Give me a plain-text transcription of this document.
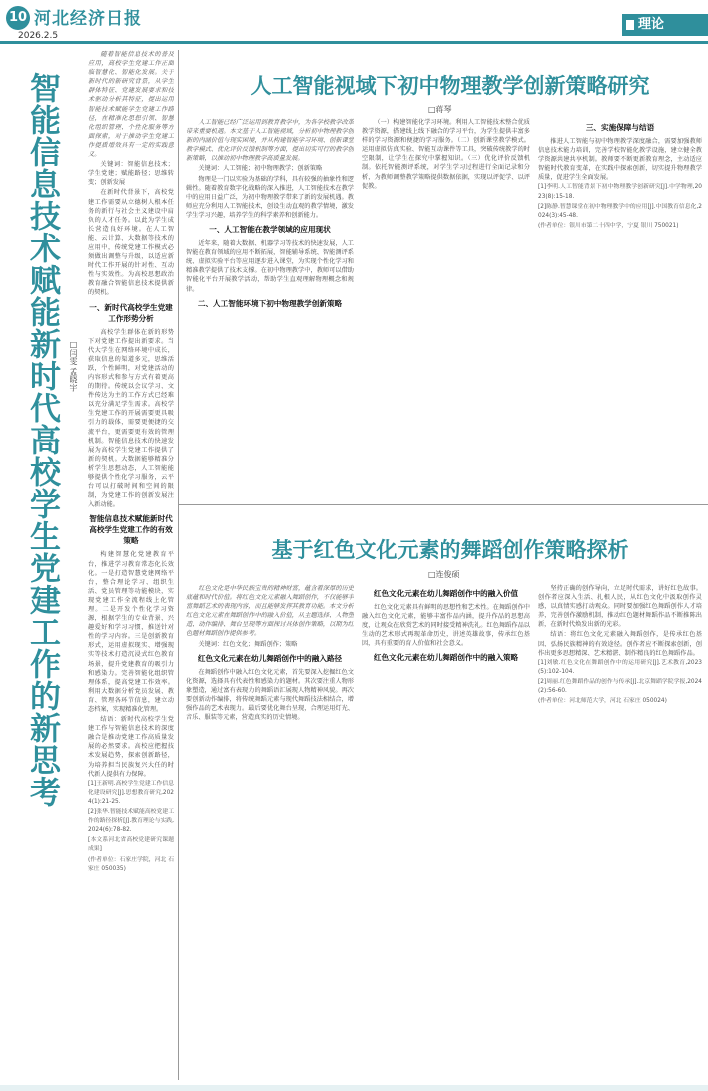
10 河北经济日报
2026.2.5
理论
智能信息技术赋能新时代高校学生党建工作的新思考 □闫雯 孟晓宇

随着智能信息技术的普及应用，高校学生党建工作正面临智慧化、智能化发展。关于新时代的新研究背景，从学生群体特征、党建发展要求和技术驱动分析其特征，提出运用智能技术赋能学生党建工作路径，在精准化思想引领、智慧化组织管理、个性化服务等方面探索，对于推动学生党建工作提质增效具有一定的实践意义。

关键词：智能信息技术；学生党建；赋能路径；思维转变；创新发展

在新时代背景下，高校党建工作需要从立德树人根本任务的新行与社会主义建设中肩负的人才任务。以此为学生成长营造良好环境。在人工智能、云计算、大数据等技术的应用中，传统党建工作模式必须做出调整与升级，以适应新时代工作开展的针对性、互动性与实效性。为高校思想政治教育融合智能信息技术提供新的契机。

一、新时代高校学生党建工作形势分析

高校学生群体在新的形势下对党建工作提出新要求。当代大学生在网络环境中成长，获取信息的渠道多元，思维活跃，个性鲜明，对党建活动的内容形式和参与方式有着更高的期待。传统以会议学习、文件传达为主的工作方式已经难以充分满足学生需求。高校学生党建工作的开展需要更具吸引力的载体，需要更便捷的交流平台，更需要更有效的管理机制。智能信息技术的快速发展为高校学生党建工作提供了新的契机。大数据能够精准分析学生思想动态，人工智能能够提供个性化学习服务，云平台可以打破时间和空间的限制，为党建工作的创新发展注入新动能。

智能信息技术赋能新时代高校学生党建工作的有效策略

构建智慧化党建教育平台，推进学习教育常态化长效化。一是打造智慧党建网络平台，整合理论学习、组织生活、党员管理等功能模块，实现党建工作全流程线上化管理。二是开发个性化学习资源，根据学生的专业背景、兴趣爱好和学习习惯，推送针对性的学习内容。三是创新教育形式，运用虚拟现实、增强现实等技术打造沉浸式红色教育场景，提升党建教育的吸引力和感染力。完善智能化组织管理体系，提高党建工作效率。利用大数据分析党员发展、教育、管理各环节信息，建立动态档案，实现精准化管理。

结语：新时代高校学生党建工作与智能信息技术的深度融合是推动党建工作高质量发展的必然要求。高校应把握技术发展趋势，探索创新路径，为培养担当民族复兴大任的时代新人提供有力保障。

[1]王新明.高校学生党建工作信息化建设研究[J].思想教育研究,2024(1):21-25.

[2]张华.智能技术赋能高校党建工作的路径探析[J].教育理论与实践,2024(6):78-82.

[本文系河北省高校党建研究课题成果]

(作者单位：石家庄学院，河北 石家庄 050035)

人工智能视域下初中物理教学创新策略研究
□蒋琴

人工智能已经广泛运用到教育教学中，为各学校教学改革带来重要机遇。本文基于人工智能视域，分析初中物理教学创新的内涵价值与现实困境，并从构建智能学习环境、创新课堂教学模式、优化评价反馈机制等方面，提出切实可行的教学创新策略，以推动初中物理教学高质量发展。

关键词：人工智能；初中物理教学；创新策略

物理是一门以实验为基础的学科，具有较强的抽象性和逻辑性。随着教育数字化战略的深入推进，人工智能技术在教学中的应用日益广泛，为初中物理教学带来了新的发展机遇。教师应充分利用人工智能技术，创设生动直观的教学情境，激发学生学习兴趣，培养学生的科学素养和创新能力。

一、人工智能在教学领域的应用现状

近年来，随着大数据、机器学习等技术的快速发展，人工智能在教育领域的应用不断拓展，智能辅导系统、智能测评系统、虚拟实验平台等应用逐步进入课堂，为实现个性化学习和精准教学提供了技术支撑。在初中物理教学中，教师可以借助智能化平台开展教学活动，帮助学生直观理解物理概念和规律。

二、人工智能环境下初中物理教学创新策略

（一）构建智能化学习环境。利用人工智能技术整合优质教学资源，搭建线上线下融合的学习平台，为学生提供丰富多样的学习资源和便捷的学习服务。（二）创新课堂教学模式。运用虚拟仿真实验、智能互动课件等工具，突破传统教学的时空限制，让学生在探究中掌握知识。（三）优化评价反馈机制。依托智能测评系统，对学生学习过程进行全面记录和分析，为教师调整教学策略提供数据依据，实现以评促学、以评促教。

三、实施保障与结语

推进人工智能与初中物理教学深度融合，需要加强教师信息技术能力培训，完善学校智能化教学设施，建立健全教学资源共建共享机制。教师要不断更新教育理念，主动适应智能时代教育变革，在实践中探索创新，切实提升物理教学质量，促进学生全面发展。

[1]李明.人工智能背景下初中物理教学创新研究[J].中学物理,2023(8):15-18.

[2]陈静.智慧课堂在初中物理教学中的应用[J].中国教育信息化,2024(3):45-48.

(作者单位：银川市第二十四中学，宁夏 银川 750021)

基于红色文化元素的舞蹈创作策略探析
□连俊硕

红色文化是中华民族宝贵的精神财富，蕴含着深厚的历史底蕴和时代价值。将红色文化元素融入舞蹈创作，不仅能够丰富舞蹈艺术的表现内容，而且能够发挥其教育功能。本文分析红色文化元素在舞蹈创作中的融入价值，从主题选择、人物塑造、动作编排、舞台呈现等方面探讨具体创作策略，以期为红色题材舞蹈创作提供参考。

关键词：红色文化；舞蹈创作；策略

红色文化元素在幼儿舞蹈创作中的融入路径

在舞蹈创作中融入红色文化元素，首先要深入挖掘红色文化资源，选择具有代表性和感染力的题材。其次要注重人物形象塑造，通过富有表现力的舞蹈语汇展现人物精神风貌。再次要创新动作编排，将传统舞蹈元素与现代舞蹈技法相结合，增强作品的艺术表现力。最后要优化舞台呈现，合理运用灯光、音乐、服装等元素，营造真实的历史情境。

红色文化元素在幼儿舞蹈创作中的融入价值

红色文化元素具有鲜明的思想性和艺术性。在舞蹈创作中融入红色文化元素，能够丰富作品内涵，提升作品的思想高度，让观众在欣赏艺术的同时接受精神洗礼。红色舞蹈作品以生动的艺术形式再现革命历史，讲述英雄故事，传承红色基因，具有重要的育人价值和社会意义。

红色文化元素在幼儿舞蹈创作中的融入策略

坚持正确的创作导向，立足时代需求，讲好红色故事。创作者应深入生活、扎根人民，从红色文化中汲取创作灵感，以真情实感打动观众。同时要加强红色舞蹈创作人才培养，完善创作激励机制，推动红色题材舞蹈作品不断推陈出新，在新时代焕发出新的光彩。

结语：将红色文化元素融入舞蹈创作，是传承红色基因、弘扬民族精神的有效途径。创作者应不断探索创新，创作出更多思想精深、艺术精湛、制作精良的红色舞蹈作品。

[1]刘敏.红色文化在舞蹈创作中的运用研究[J].艺术教育,2023(5):102-104.

[2]周丽.红色舞蹈作品的创作与传承[J].北京舞蹈学院学报,2024(2):56-60.

(作者单位：河北师范大学，河北 石家庄 050024)
